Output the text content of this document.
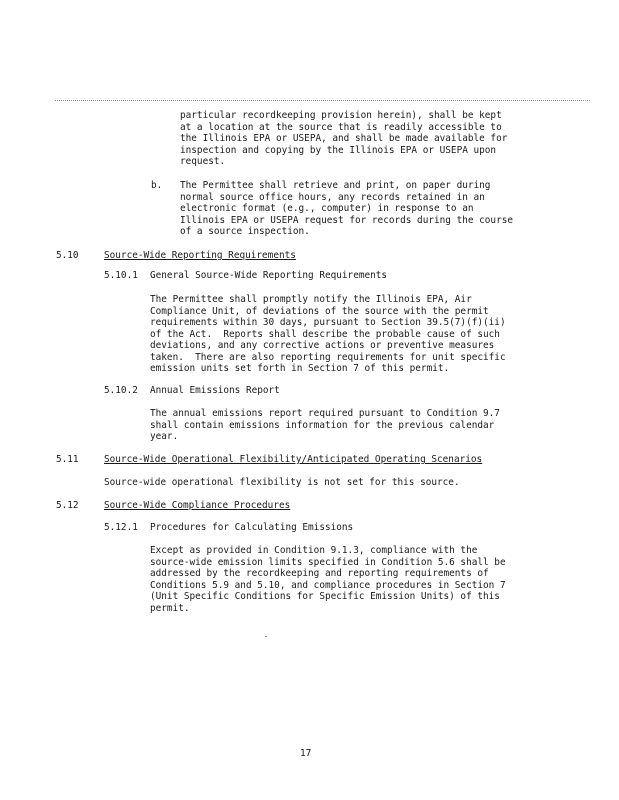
particular recordkeeping provision herein), shall be kept
at a location at the source that is readily accessible to
the Illinois EPA or USEPA, and shall be made available for
inspection and copying by the Illinois EPA or USEPA upon
request.

b.	The Permittee shall retrieve and print, on paper during
normal source office hours, any records retained in an
electronic format (e.g., computer) in response to an
Illinois EPA or USEPA request for records during the course
of a source inspection.

5.10	Source-Wide Reporting Requirements
5.10.1	General Source-Wide Reporting Requirements

The Permittee shall promptly notify the Illinois EPA, Air
Compliance Unit, of deviations of the source with the permit
requirements within 30 days, pursuant to Section 39.5(7)(f)(ii)
of the Act.  Reports shall describe the probable cause of such
deviations, and any corrective actions or preventive measures
taken.  There are also reporting requirements for unit specific
emission units set forth in Section 7 of this permit.

5.10.2	Annual Emissions Report

The annual emissions report required pursuant to Condition 9.7
shall contain emissions information for the previous calendar
year.

5.11	Source-Wide Operational Flexibility/Anticipated Operating Scenarios

Source-wide operational flexibility is not set for this source.

5.12	Source-Wide Compliance Procedures
5.12.1	Procedures for Calculating Emissions

Except as provided in Condition 9.1.3, compliance with the
source-wide emission limits specified in Condition 5.6 shall be
addressed by the recordkeeping and reporting requirements of
Conditions 5.9 and 5.10, and compliance procedures in Section 7
(Unit Specific Conditions for Specific Emission Units) of this
permit.

17
